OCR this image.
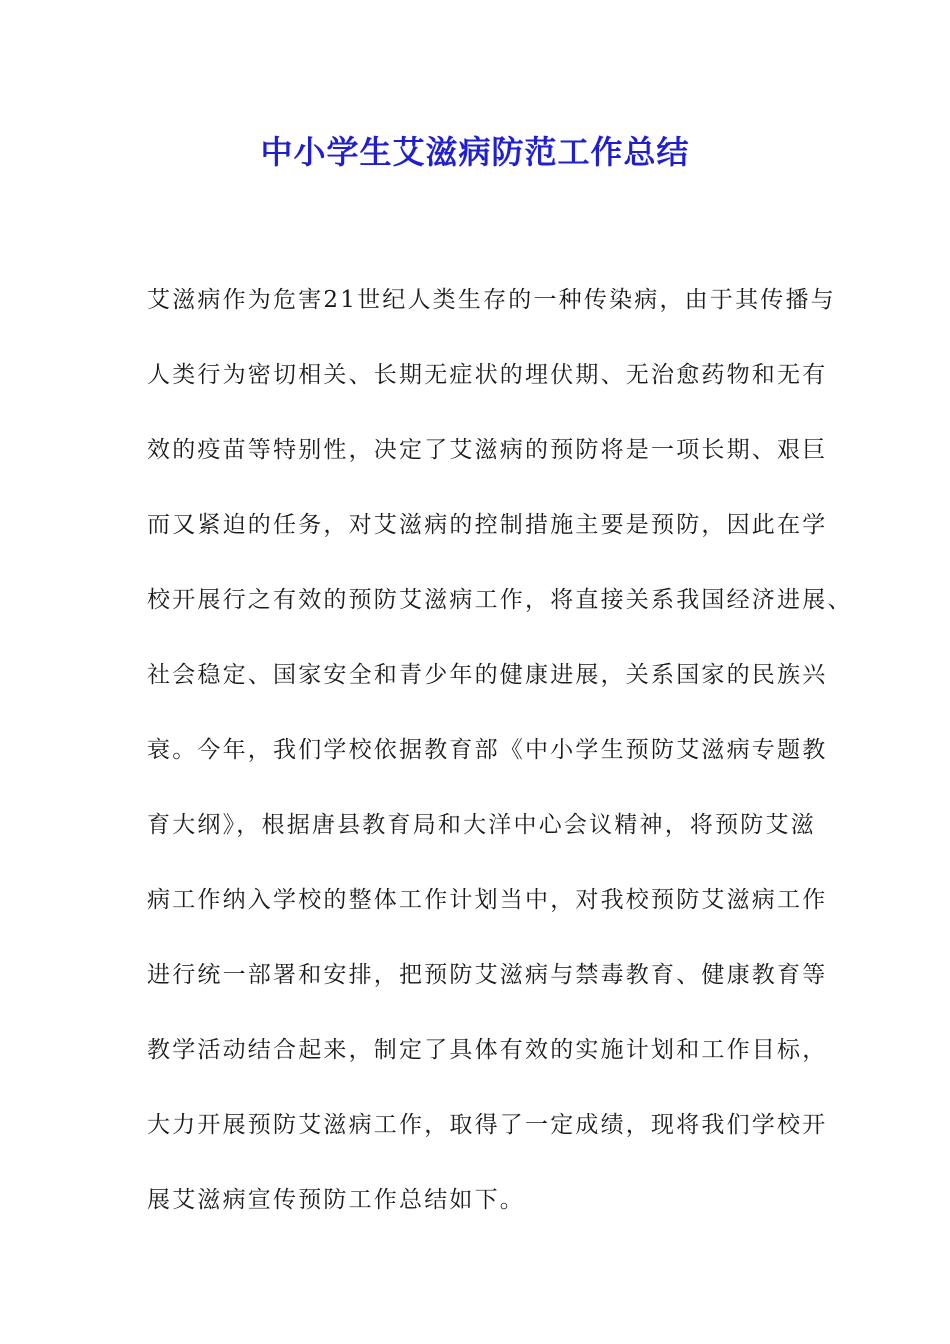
中小学生艾滋病防范工作总结
艾滋病作为危害21世纪人类生存的一种传染病，由于其传播与
人类行为密切相关、长期无症状的埋伏期、无治愈药物和无有
效的疫苗等特别性，决定了艾滋病的预防将是一项长期、艰巨
而又紧迫的任务，对艾滋病的控制措施主要是预防，因此在学
校开展行之有效的预防艾滋病工作，将直接关系我国经济进展、
社会稳定、国家安全和青少年的健康进展，关系国家的民族兴
衰。今年，我们学校依据教育部《中小学生预防艾滋病专题教
育大纲》，根据唐县教育局和大洋中心会议精神，将预防艾滋
病工作纳入学校的整体工作计划当中，对我校预防艾滋病工作
进行统一部署和安排，把预防艾滋病与禁毒教育、健康教育等
教学活动结合起来，制定了具体有效的实施计划和工作目标，
大力开展预防艾滋病工作，取得了一定成绩，现将我们学校开
展艾滋病宣传预防工作总结如下。
